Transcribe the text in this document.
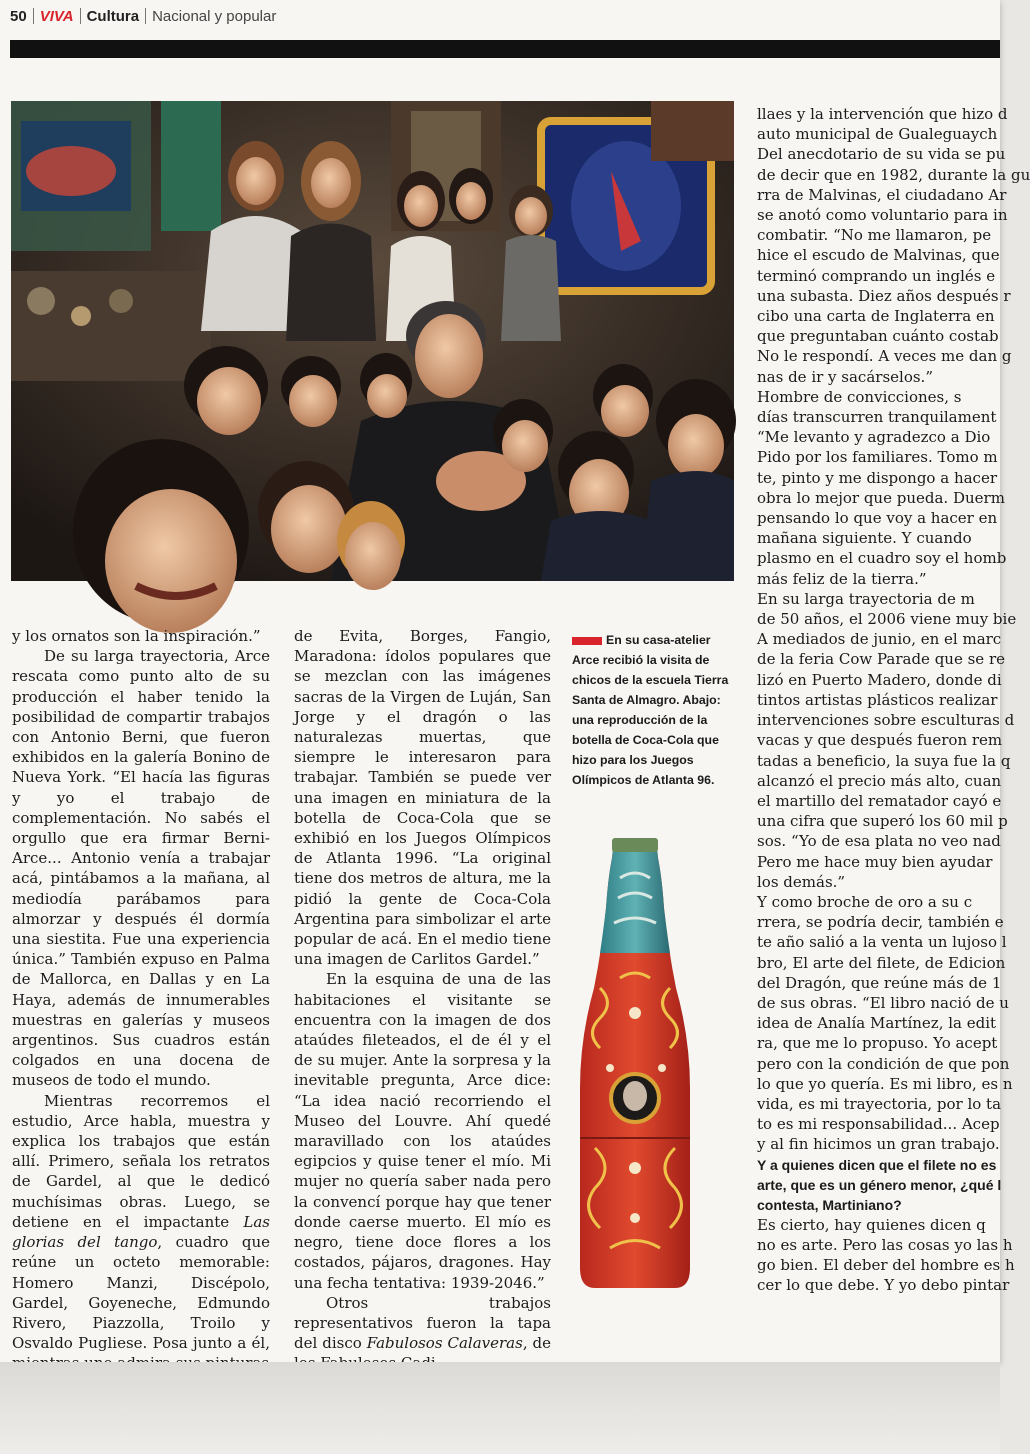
50 VIVA Cultura Nacional y popular

y los ornatos son la inspiración.”

De su larga trayectoria, Arce rescata como punto alto de su producción el haber tenido la posibilidad de compartir trabajos con Antonio Berni, que fueron exhibidos en la galería Bonino de Nueva York. “El hacía las figuras y yo el trabajo de complementación. No sabés el orgullo que era firmar Berni-Arce... Antonio venía a trabajar acá, pintábamos a la mañana, al mediodía parábamos para almorzar y después él dormía una siestita. Fue una experiencia única.” También expuso en Palma de Mallorca, en Dallas y en La Haya, además de innumerables muestras en galerías y museos argentinos. Sus cuadros están colgados en una docena de museos de todo el mundo.

Mientras recorremos el estudio, Arce habla, muestra y explica los trabajos que están allí. Primero, señala los retratos de Gardel, al que le dedicó muchísimas obras. Luego, se detiene en el impactante Las glorias del tango, cuadro que reúne un octeto memorable: Homero Manzi, Discépolo, Gardel, Goyeneche, Edmundo Rivero, Piazzolla, Troilo y Osvaldo Pugliese. Posa junto a él,

de Evita, Borges, Fangio, Maradona: ídolos populares que se mezclan con las imágenes sacras de la Virgen de Luján, San Jorge y el dragón o las naturalezas muertas, que siempre le interesaron para trabajar. También se puede ver una imagen en miniatura de la botella de Coca-Cola que se exhibió en los Juegos Olímpicos de Atlanta 1996. “La original tiene dos metros de altura, me la pidió la gente de Coca-Cola Argentina para simbolizar el arte popular de acá. En el medio tiene una imagen de Carlitos Gardel.”

En la esquina de una de las habitaciones el visitante se encuentra con la imagen de dos ataúdes fileteados, el de él y el de su mujer. Ante la sorpresa y la inevitable pregunta, Arce dice: “La idea nació recorriendo el Museo del Louvre. Ahí quedé maravillado con los ataúdes egipcios y quise tener el mío. Mi mujer no quería saber nada pero la convencí porque hay que tener donde caerse muerto. El mío es negro, tiene doce flores a los costados, pájaros, dragones. Hay una fecha tentativa: 1939-2046.”

Otros trabajos representativos fueron la tapa del disco Fabulosos Calaveras, de

En su casa-atelier Arce recibió la visita de chicos de la escuela Tierra Santa de Almagro. Abajo: una reproducción de la botella de Coca-Cola que hizo para los Juegos Olímpicos de Atlanta 96.

llaes y la intervención que hizo d

auto municipal de Gualeguaych

Del anecdotario de su vida se pu

de decir que en 1982, durante la gu

rra de Malvinas, el ciudadano Ar

se anotó como voluntario para in

combatir. “No me llamaron, pe

hice el escudo de Malvinas, que

terminó comprando un inglés e

una subasta. Diez años después r

cibo una carta de Inglaterra en

que preguntaban cuánto costab

No le respondí. A veces me dan g

nas de ir y sacárselos.”

Hombre de convicciones, s

días transcurren tranquilament

“Me levanto y agradezco a Dio

Pido por los familiares. Tomo m

te, pinto y me dispongo a hacer

obra lo mejor que pueda. Duerm

pensando lo que voy a hacer en

mañana siguiente. Y cuando

plasmo en el cuadro soy el homb

más feliz de la tierra.”

En su larga trayectoria de m

de 50 años, el 2006 viene muy bie

A mediados de junio, en el marc

de la feria Cow Parade que se re

lizó en Puerto Madero, donde di

tintos artistas plásticos realizar

intervenciones sobre esculturas d

vacas y que después fueron rem

tadas a beneficio, la suya fue la q

alcanzó el precio más alto, cuan

el martillo del rematador cayó e

una cifra que superó los 60 mil p

sos. “Yo de esa plata no veo nad

Pero me hace muy bien ayudar

los demás.”

Y como broche de oro a su c

rrera, se podría decir, también e

te año salió a la venta un lujoso l

bro, El arte del filete, de Edicion

del Dragón, que reúne más de 1

de sus obras. “El libro nació de u

idea de Analía Martínez, la edit

ra, que me lo propuso. Yo acept

pero con la condición de que pon

lo que yo quería. Es mi libro, es n

vida, es mi trayectoria, por lo ta

to es mi responsabilidad... Acep

y al fin hicimos un gran trabajo.

Y a quienes dicen que el filete no es

arte, que es un género menor, ¿qué l

contesta, Martiniano?

Es cierto, hay quienes dicen q

no es arte. Pero las cosas yo las h

go bien. El deber del hombre es h

cer lo que debe. Y yo debo pintar
